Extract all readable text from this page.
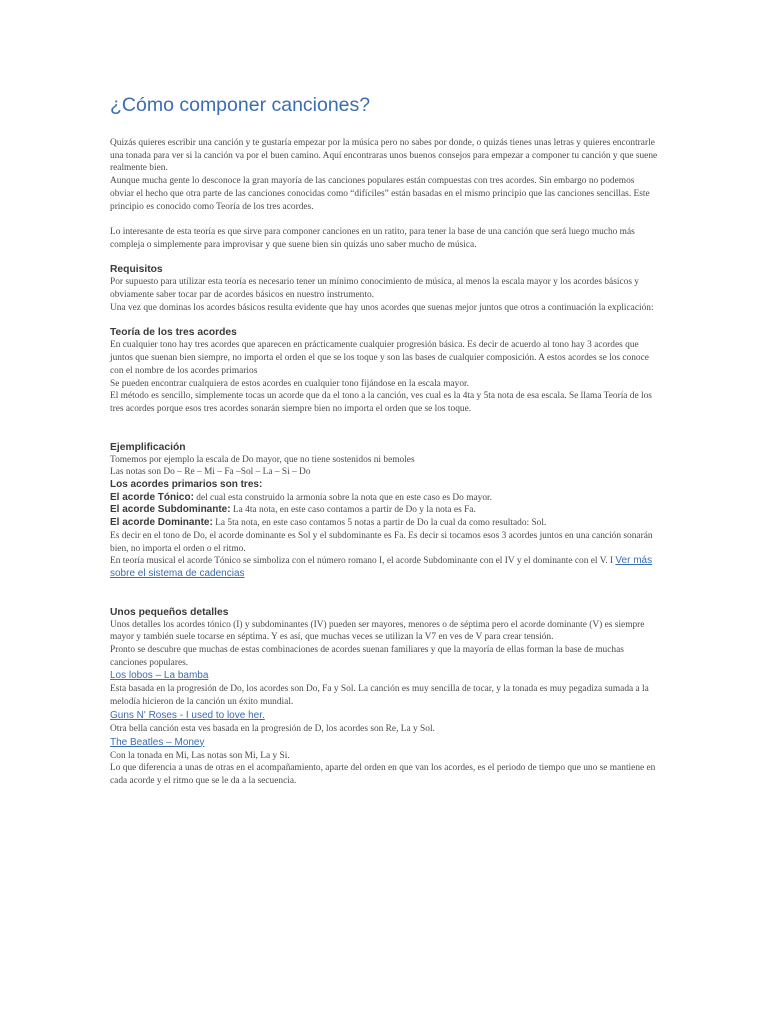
¿Cómo componer canciones?

Quizás quieres escribir una canción y te gustaría empezar por la música pero no sabes por donde, o quizás tienes unas letras y quieres encontrarle una tonada para ver si la canción va por el buen camino. Aquí encontraras unos buenos consejos para empezar a componer tu canción y que suene realmente bien.

Aunque mucha gente lo desconoce la gran mayoría de las canciones populares están compuestas con tres acordes. Sin embargo no podemos obviar el hecho que otra parte de las canciones conocidas como “difíciles” están basadas en el mismo principio que las canciones sencillas. Este principio es conocido como Teoría de los tres acordes.

Lo interesante de esta teoría es que sirve para componer canciones en un ratito, para tener la base de una canción que será luego mucho más compleja o simplemente para improvisar y que suene bien sin quizás uno saber mucho de música.

Requisitos

Por supuesto para utilizar esta teoría es necesario tener un mínimo conocimiento de música, al menos la escala mayor y los acordes básicos y obviamente saber tocar par de acordes básicos en nuestro instrumento.

Una vez que dominas los acordes básicos resulta evidente que hay unos acordes que suenas mejor juntos que otros a continuación la explicación:

Teoría de los tres acordes

En cualquier tono hay tres acordes que aparecen en prácticamente cualquier progresión básica. Es decir de acuerdo al tono hay 3 acordes que juntos que suenan bien siempre, no importa el orden el que se los toque y son las bases de cualquier composición. A estos acordes se los conoce con el nombre de los acordes primarios

Se pueden encontrar cualquiera de estos acordes en cualquier tono fijándose en la escala mayor.

El método es sencillo, simplemente tocas un acorde que da el tono a la canción, ves cual es la 4ta y 5ta nota de esa escala. Se llama Teoría de los tres acordes porque esos tres acordes sonarán siempre bien no importa el orden que se los toque.

Ejemplificación

Tomemos por ejemplo la escala de Do mayor, que no tiene sostenidos ni bemoles

Las notas son Do – Re – Mi – Fa –Sol – La – Si – Do

Los acordes primarios son tres:

El acorde Tónico: del cual esta construido la armonía sobre la nota que en este caso es Do mayor.

El acorde Subdominante: La 4ta nota, en este caso contamos a partir de Do y la nota es Fa.

El acorde Dominante: La 5ta nota, en este caso contamos 5 notas a partir de Do la cual da como resultado: Sol.

Es decir en el tono de Do, el acorde dominante es Sol y el subdominante es Fa. Es decir si tocamos esos 3 acordes juntos en una canción sonarán bien, no importa el orden o el ritmo.

En teoría musical el acorde Tónico se simboliza con el número romano I, el acorde Subdominante con el IV y el dominante con el V. I Ver más sobre el sistema de cadencias

Unos pequeños detalles

Unos detalles los acordes tónico (I) y subdominantes (IV) pueden ser mayores, menores o de séptima pero el acorde dominante (V) es siempre mayor y también suele tocarse en séptima. Y es así, que muchas veces se utilizan la V7 en ves de V para crear tensión.

Pronto se descubre que muchas de estas combinaciones de acordes suenan familiares y que la mayoría de ellas forman la base de muchas canciones populares.

Los lobos – La bamba

Esta basada en la progresión de Do, los acordes son Do, Fa y Sol. La canción es muy sencilla de tocar, y la tonada es muy pegadiza sumada a la melodía hicieron de la canción un éxito mundial.

Guns N' Roses - I used to love her.

Otra bella canción esta ves basada en la progresión de D, los acordes son Re, La y Sol.

The Beatles – Money

Con la tonada en Mi, Las notas son Mi, La y Si.

Lo que diferencia a unas de otras en el acompañamiento, aparte del orden en que van los acordes, es el periodo de tiempo que uno se mantiene en cada acorde y el ritmo que se le da a la secuencia.
